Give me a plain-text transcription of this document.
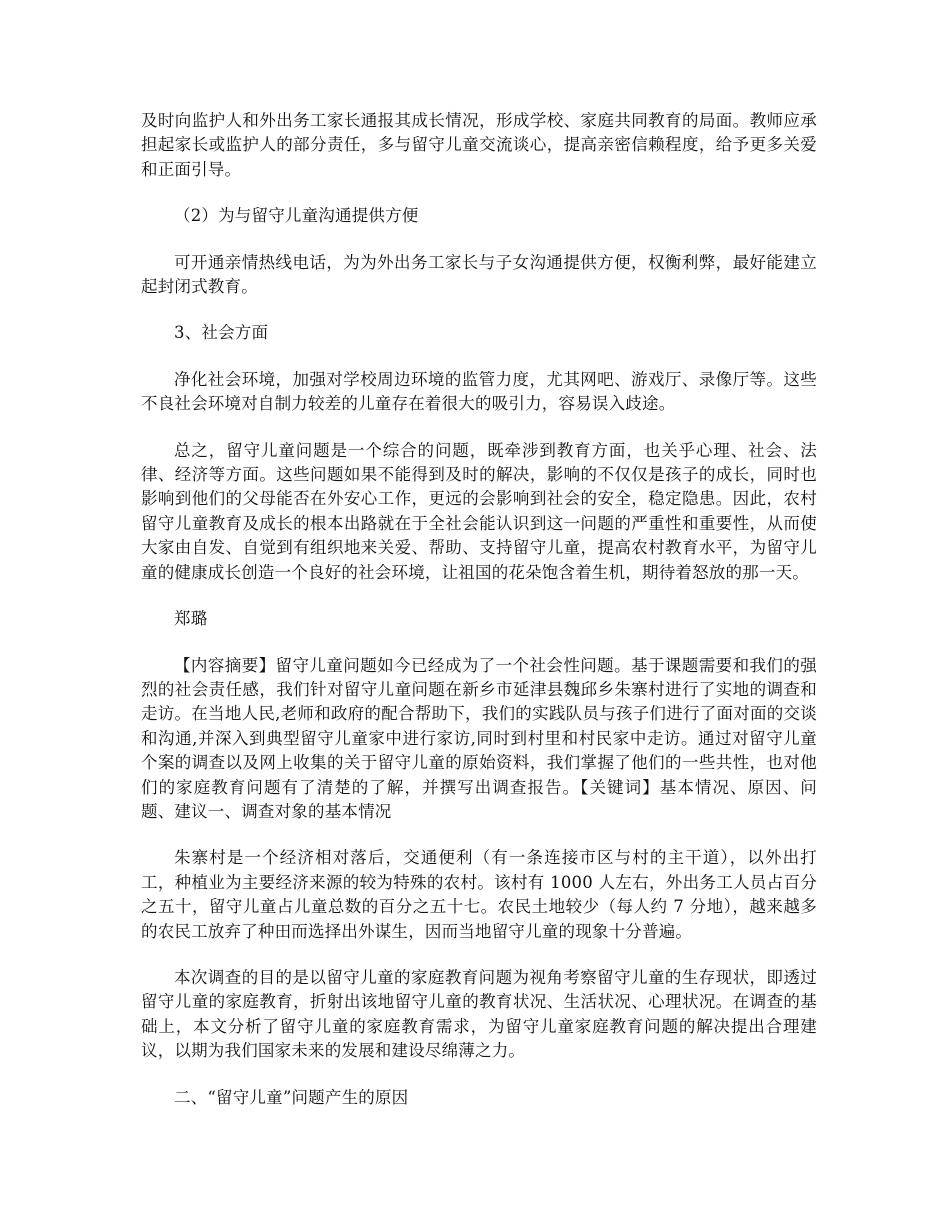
及时向监护人和外出务工家长通报其成长情况，形成学校、家庭共同教育的局面。教师应承担起家长或监护人的部分责任，多与留守儿童交流谈心，提高亲密信赖程度，给予更多关爱和正面引导。

（2）为与留守儿童沟通提供方便

可开通亲情热线电话，为为外出务工家长与子女沟通提供方便，权衡利弊，最好能建立起封闭式教育。

3、社会方面

净化社会环境，加强对学校周边环境的监管力度，尤其网吧、游戏厅、录像厅等。这些不良社会环境对自制力较差的儿童存在着很大的吸引力，容易误入歧途。

总之，留守儿童问题是一个综合的问题，既牵涉到教育方面，也关乎心理、社会、法律、经济等方面。这些问题如果不能得到及时的解决，影响的不仅仅是孩子的成长，同时也影响到他们的父母能否在外安心工作，更远的会影响到社会的安全，稳定隐患。因此，农村留守儿童教育及成长的根本出路就在于全社会能认识到这一问题的严重性和重要性，从而使大家由自发、自觉到有组织地来关爱、帮助、支持留守儿童，提高农村教育水平，为留守儿童的健康成长创造一个良好的社会环境，让祖国的花朵饱含着生机，期待着怒放的那一天。

郑璐

【内容摘要】留守儿童问题如今已经成为了一个社会性问题。基于课题需要和我们的强烈的社会责任感，我们针对留守儿童问题在新乡市延津县魏邱乡朱寨村进行了实地的调查和走访。在当地人民,老师和政府的配合帮助下，我们的实践队员与孩子们进行了面对面的交谈和沟通,并深入到典型留守儿童家中进行家访,同时到村里和村民家中走访。通过对留守儿童个案的调查以及网上收集的关于留守儿童的原始资料，我们掌握了他们的一些共性，也对他们的家庭教育问题有了清楚的了解，并撰写出调查报告。【关键词】基本情况、原因、问题、建议一、调查对象的基本情况

朱寨村是一个经济相对落后，交通便利（有一条连接市区与村的主干道），以外出打工，种植业为主要经济来源的较为特殊的农村。该村有 1000 人左右，外出务工人员占百分之五十，留守儿童占儿童总数的百分之五十七。农民土地较少（每人约 7 分地），越来越多的农民工放弃了种田而选择出外谋生，因而当地留守儿童的现象十分普遍。

本次调查的目的是以留守儿童的家庭教育问题为视角考察留守儿童的生存现状，即透过留守儿童的家庭教育，折射出该地留守儿童的教育状况、生活状况、心理状况。在调查的基础上，本文分析了留守儿童的家庭教育需求，为留守儿童家庭教育问题的解决提出合理建议，以期为我们国家未来的发展和建设尽绵薄之力。

二、“留守儿童”问题产生的原因
